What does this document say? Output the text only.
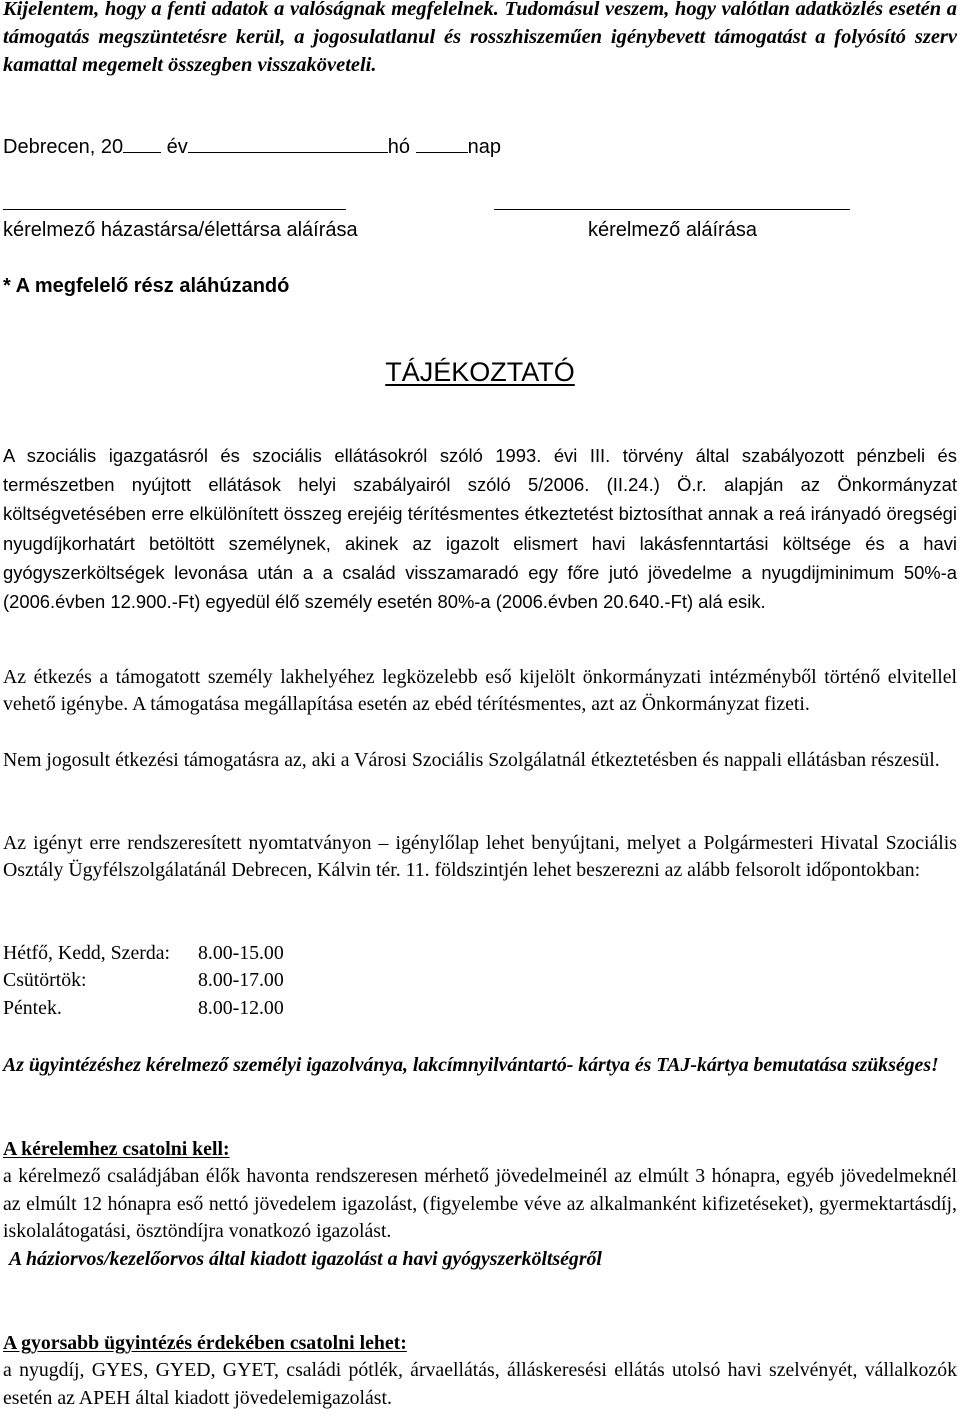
Kijelentem, hogy a fenti adatok a valóságnak megfelelnek. Tudomásul veszem, hogy valótlan adatközlés esetén a támogatás megszüntetésre kerül, a jogosulatlanul és rosszhiszeműen igénybevett támogatást a folyósító szerv kamattal megemelt összegben visszaköveteli.
Debrecen, 20 év	hó	nap
kérelmező házastársa/élettársa aláírása	kérelmező aláírása
* A megfelelő rész aláhúzandó
TÁJÉKOZTATÓ
A szociális igazgatásról és szociális ellátásokról szóló 1993. évi III. törvény által szabályozott pénzbeli és természetben nyújtott ellátások helyi szabályairól szóló 5/2006. (II.24.) Ö.r. alapján az Önkormányzat költségvetésében erre elkülönített összeg erejéig térítésmentes étkeztetést biztosíthat annak a reá irányadó öregségi nyugdíjkorhatárt betöltött személynek, akinek az igazolt elismert havi lakásfenntartási költsége és a havi gyógyszerköltségek levonása után a a család visszamaradó egy főre jutó jövedelme a nyugdijminimum 50%-a (2006.évben 12.900.-Ft) egyedül élő személy esetén 80%-a (2006.évben 20.640.-Ft) alá esik.
Az étkezés a támogatott személy lakhelyéhez legközelebb eső kijelölt önkormányzati intézményből történő elvitellel vehető igénybe. A támogatása megállapítása esetén az ebéd térítésmentes, azt az Önkormányzat fizeti.
Nem jogosult étkezési támogatásra az, aki a Városi Szociális Szolgálatnál étkeztetésben és nappali ellátásban részesül.
Az igényt erre rendszeresített nyomtatványon – igénylőlap lehet benyújtani, melyet a Polgármesteri Hivatal Szociális Osztály Ügyfélszolgálatánál Debrecen, Kálvin tér. 11. földszintjén lehet beszerezni az alább felsorolt időpontokban:
Hétfő, Kedd, Szerda:	8.00-15.00
Csütörtök:	8.00-17.00
Péntek.	8.00-12.00
Az ügyintézéshez kérelmező személyi igazolványa, lakcímnyilvántartó- kártya és TAJ-kártya bemutatása szükséges!
A kérelemhez csatolni kell:
a kérelmező családjában élők havonta rendszeresen mérhető jövedelmeinél az elmúlt 3 hónapra, egyéb jövedelmeknél az elmúlt 12 hónapra eső nettó jövedelem igazolást, (figyelembe véve az alkalmanként kifizetéseket), gyermektartásdíj, iskolalátogatási, ösztöndíjra vonatkozó igazolást.
A háziorvos/kezelőorvos által kiadott igazolást a havi gyógyszerköltségről
A gyorsabb ügyintézés érdekében csatolni lehet:
a nyugdíj, GYES, GYED, GYET, családi pótlék, árvaellátás, álláskeresési ellátás utolsó havi szelvényét, vállalkozók esetén az APEH által kiadott jövedelemigazolást.
